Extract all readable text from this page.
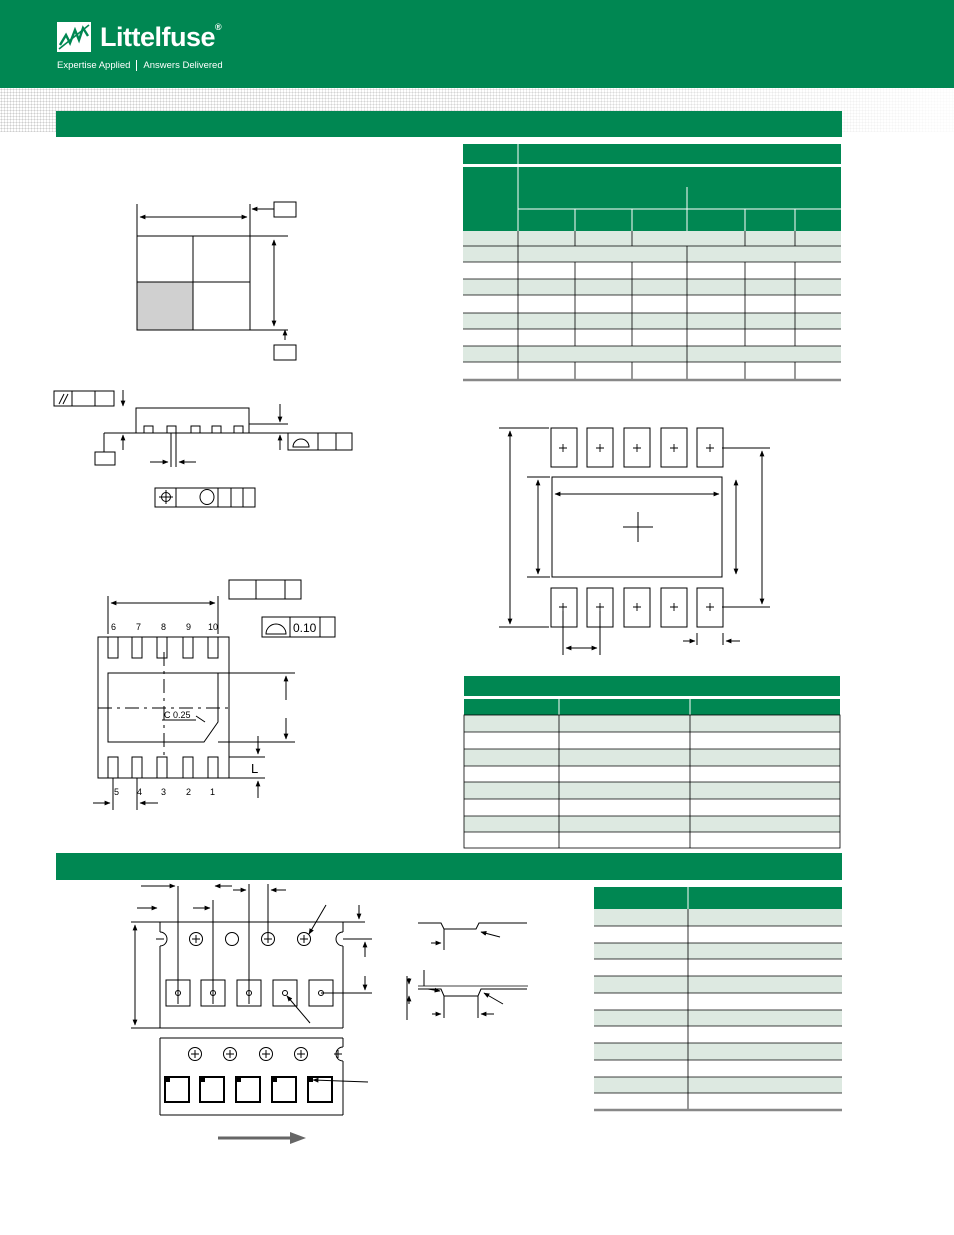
Littelfuse®
Expertise Applied Answers Delivered
6 7 8 9 10
5 4 3 2 1
C 0.25
0.10
L
